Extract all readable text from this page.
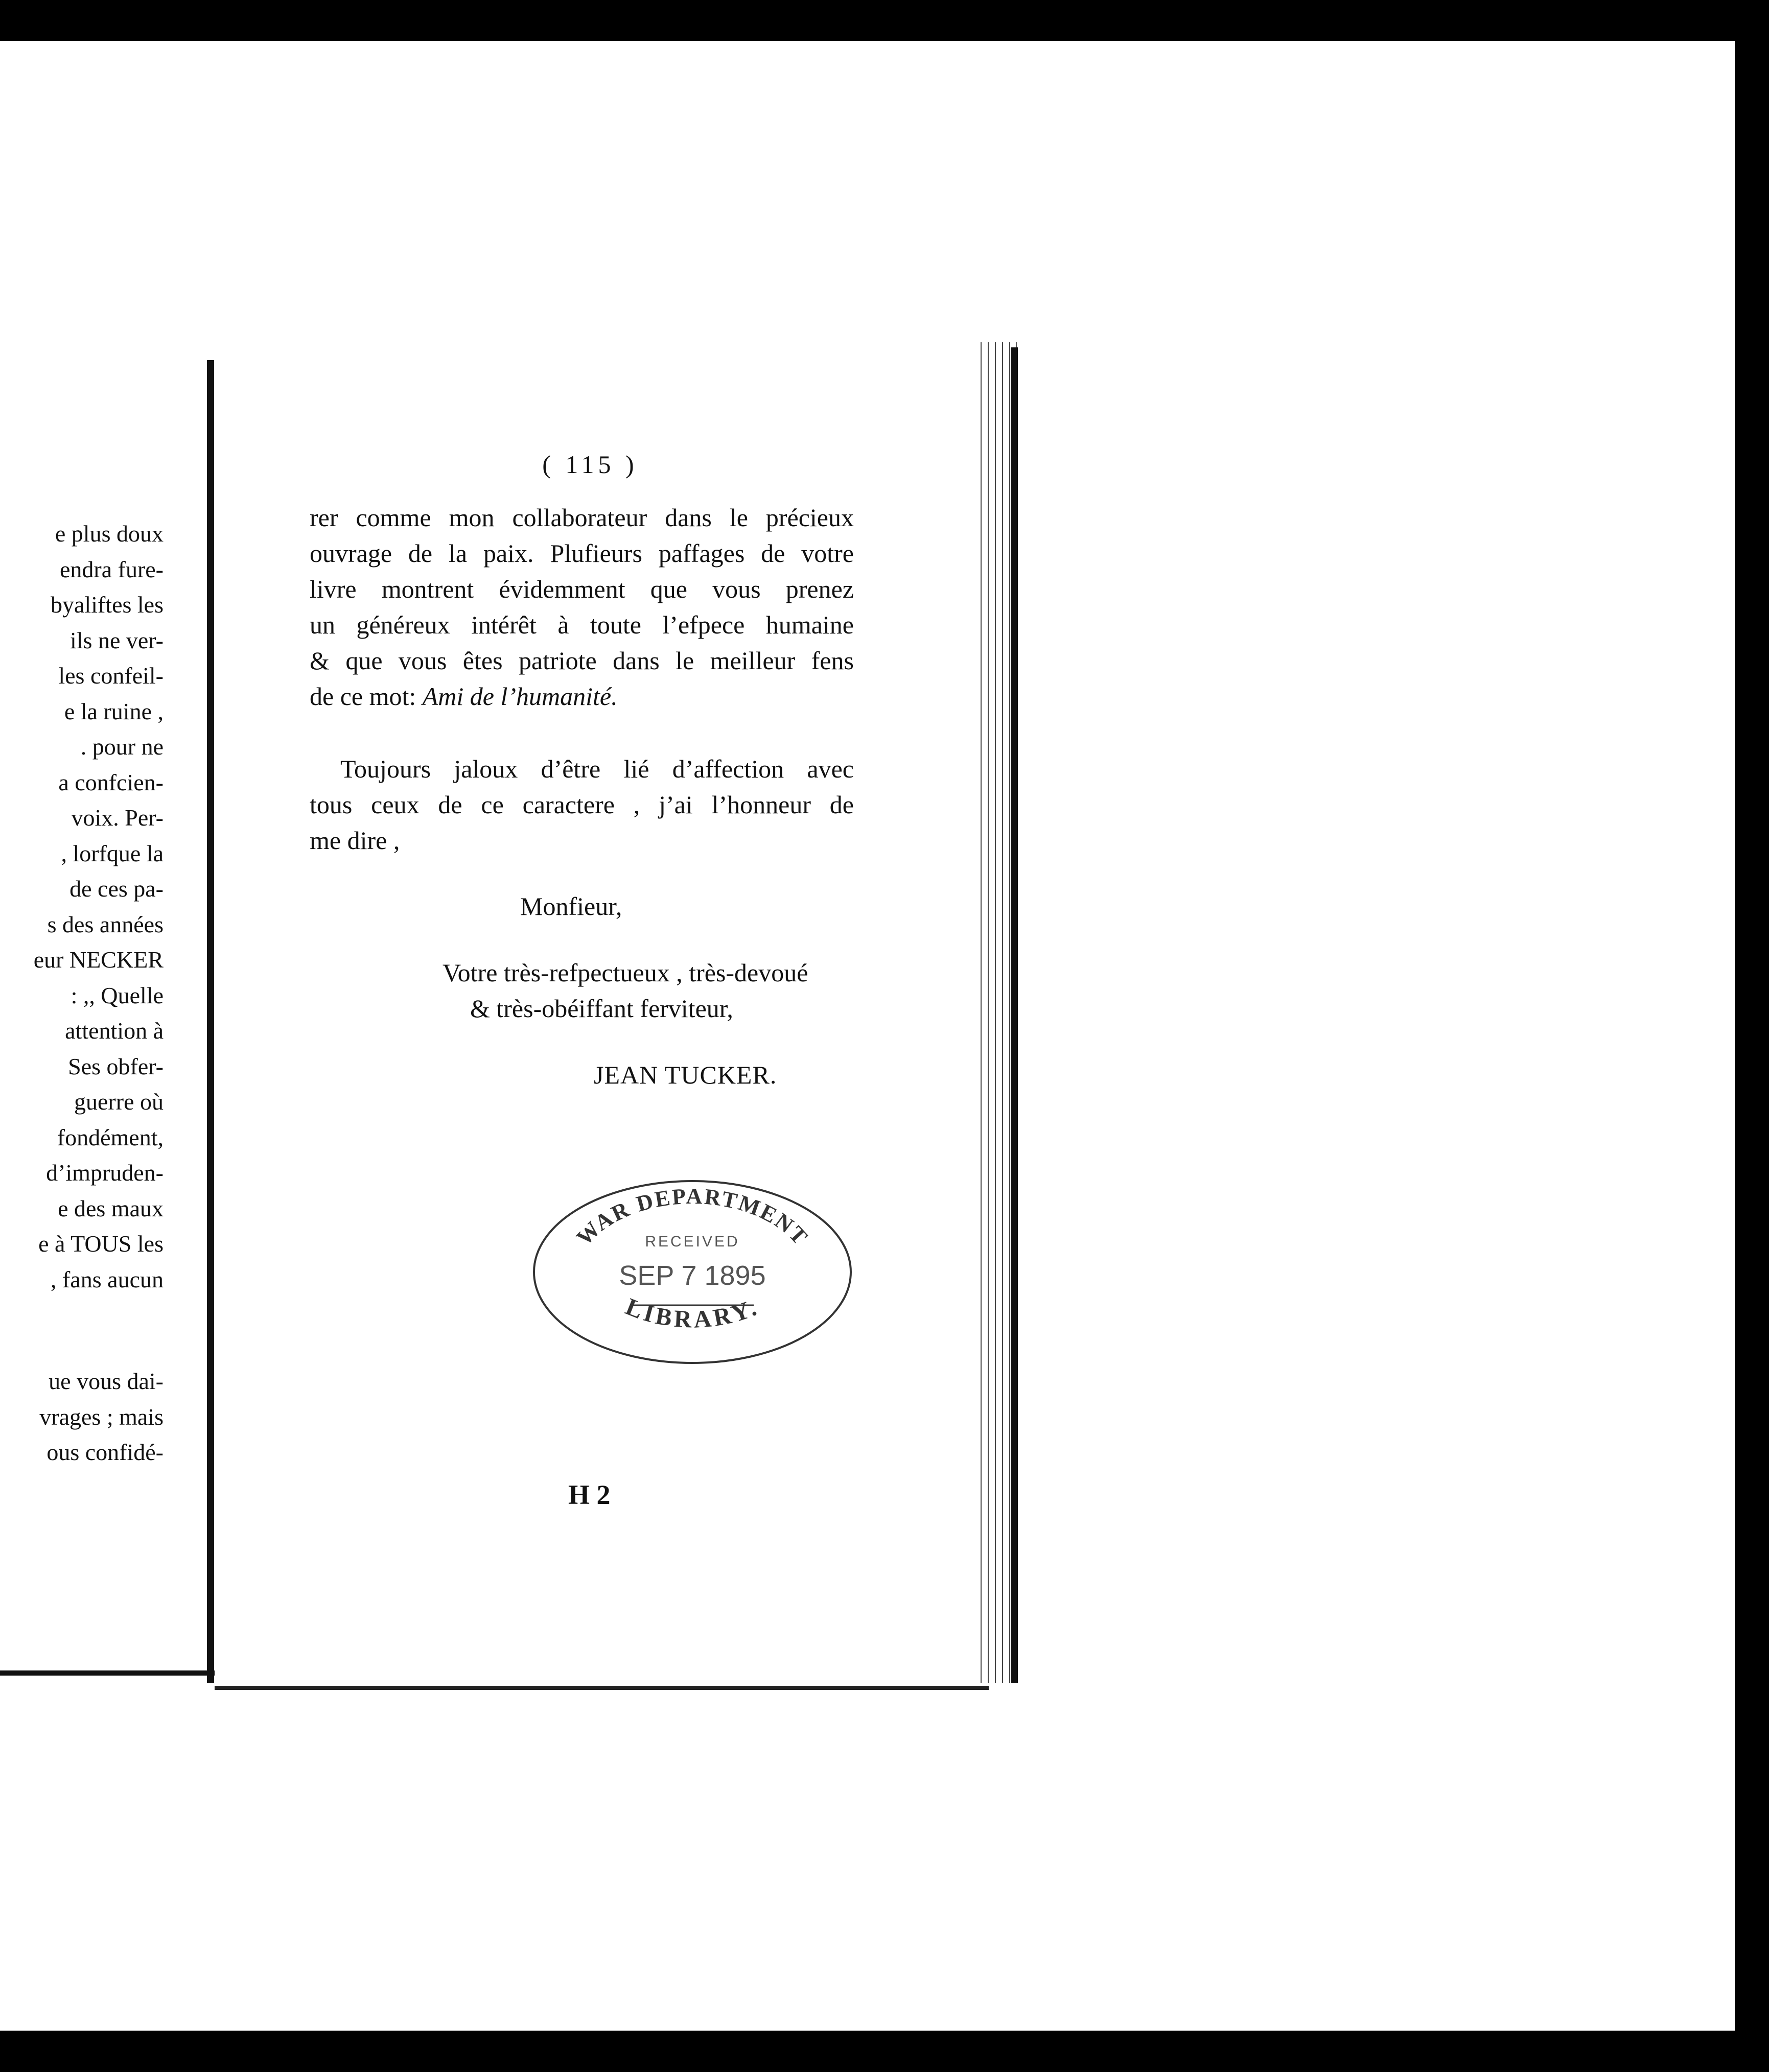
e plus doux
endra fure-
byaliftes les
ils ne ver-
les confeil-
e la ruine ,
. pour ne
a confcien-
voix. Per-
, lorfque la
de ces pa-
s des années
eur NECKER
: ,, Quelle
attention à
Ses obfer-
guerre où
fondément,
d’impruden-
e des maux
e à TOUS les
, fans aucun
ue vous dai-
vrages ; mais
ous confidé-
( 115 )
rer comme mon collaborateur dans le précieux
ouvrage de la paix. Plufieurs paffages de votre
livre montrent évidemment que vous prenez
un généreux intérêt à toute l’efpece humaine
& que vous êtes patriote dans le meilleur fens
de ce mot: Ami de l’humanité.
Toujours jaloux d’être lié d’affection avec
tous ceux de ce caractere , j’ai l’honneur de
me dire ,
Monfieur,
Votre très-refpectueux , très-devoué
& très-obéiffant ferviteur,
JEAN TUCKER.
H 2
WAR DEPARTMENT
RECEIVED
SEP 7 1895
LIBRARY.
